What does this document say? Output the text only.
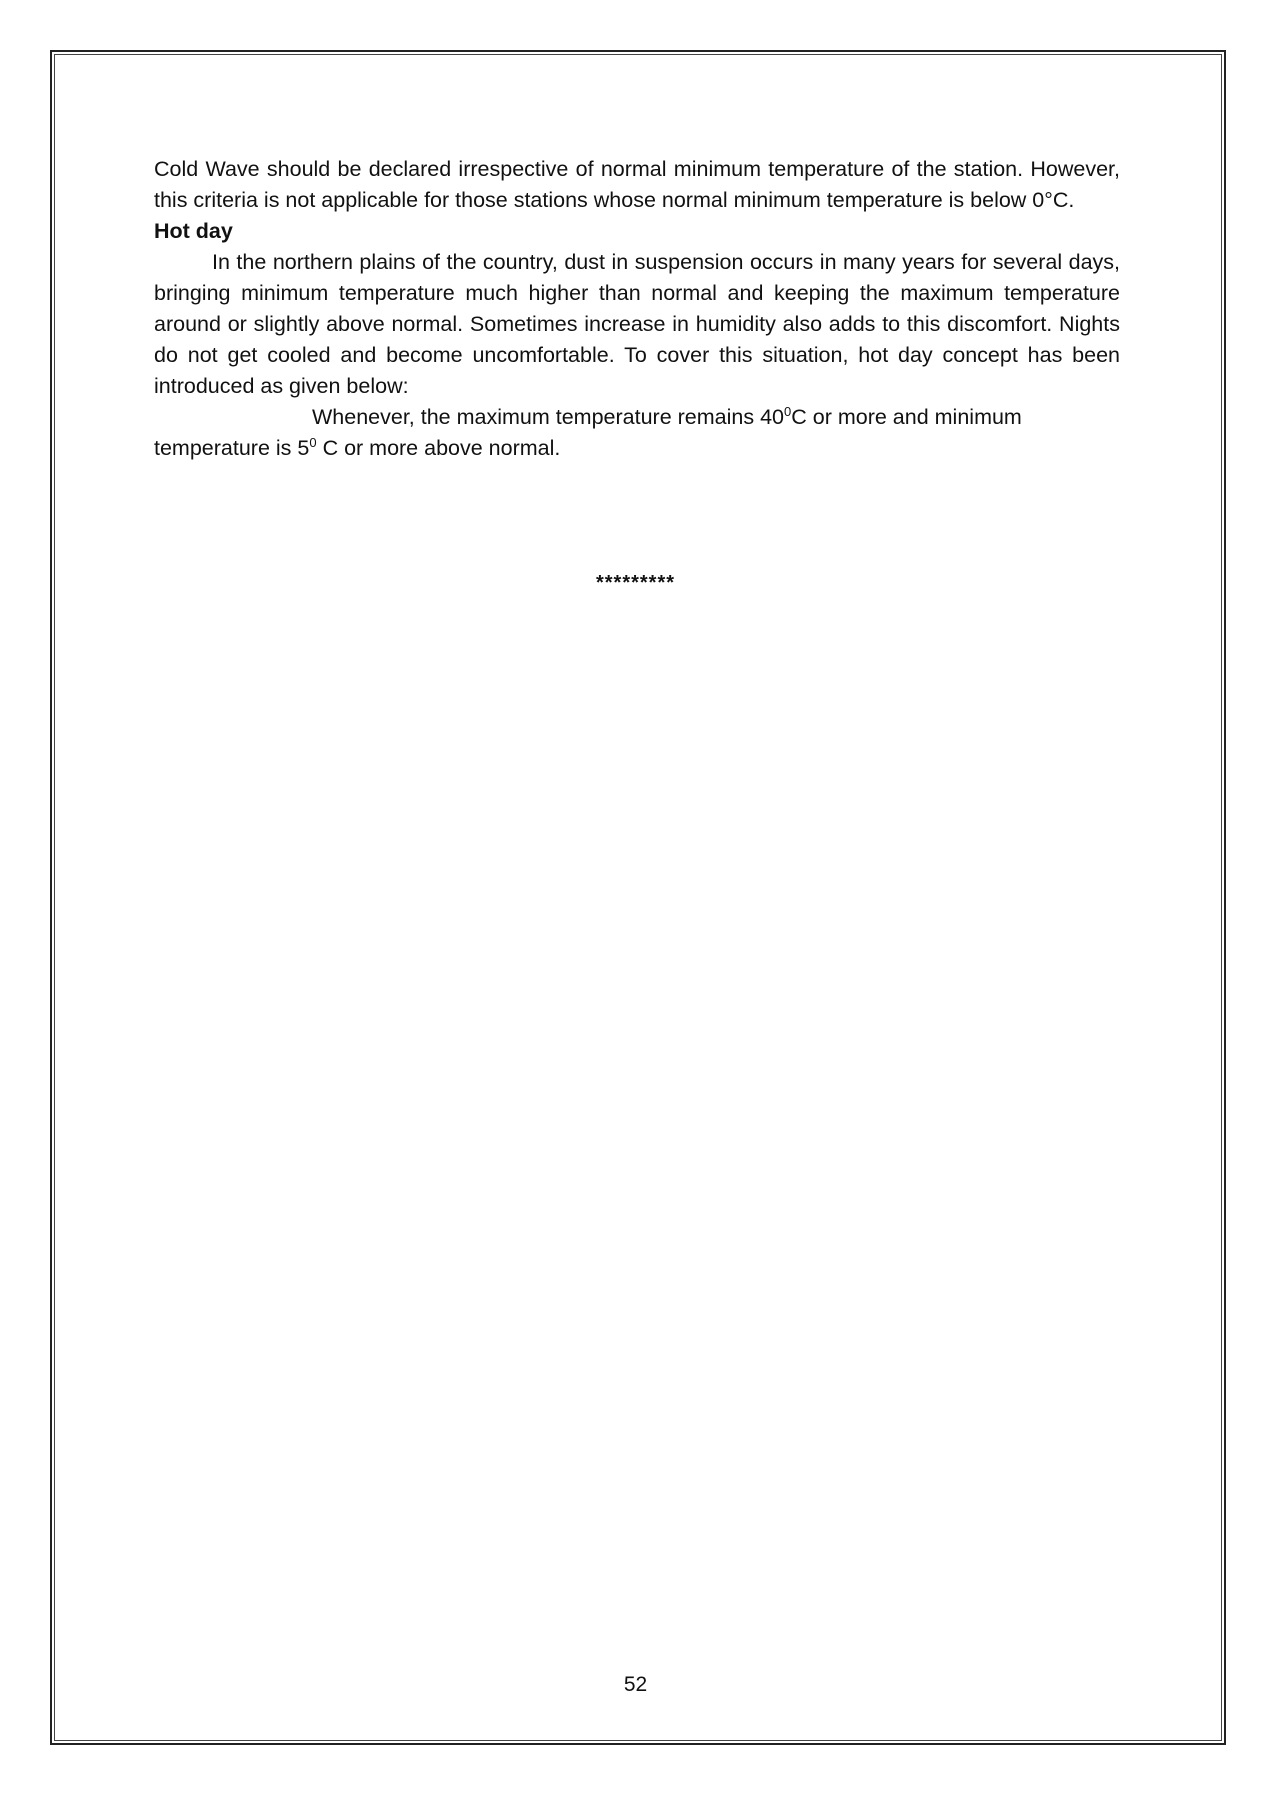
Cold Wave should be declared irrespective of normal minimum temperature of the station. However, this criteria is not applicable for those stations whose normal minimum temperature is below 0°C.

Hot day

In the northern plains of the country, dust in suspension occurs in many years for several days, bringing minimum temperature much higher than normal and keeping the maximum temperature around or slightly above normal. Sometimes increase in humidity also adds to this discomfort. Nights do not get cooled and become uncomfortable. To cover this situation, hot day concept has been introduced as given below:

Whenever, the maximum temperature remains $40^0C$ or more and minimum temperature is $5^0$ C or more above normal.

*********
52
